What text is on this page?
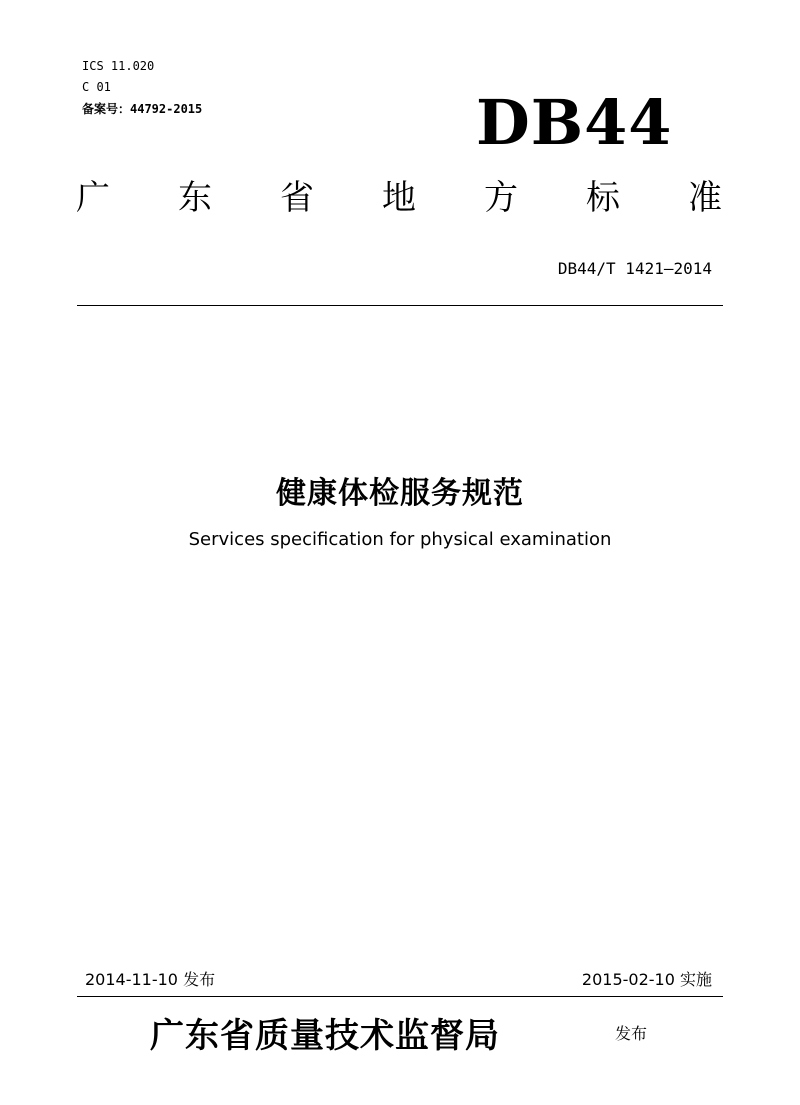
ICS 11.020
C 01
备案号：44792-2015	DB44
广 东 省 地 方 标 准
DB44/T 1421—2014
健康体检服务规范
Services specification for physical examination
2014-11-10 发布	2015-02-10 实施
广东省质量技术监督局	发布
